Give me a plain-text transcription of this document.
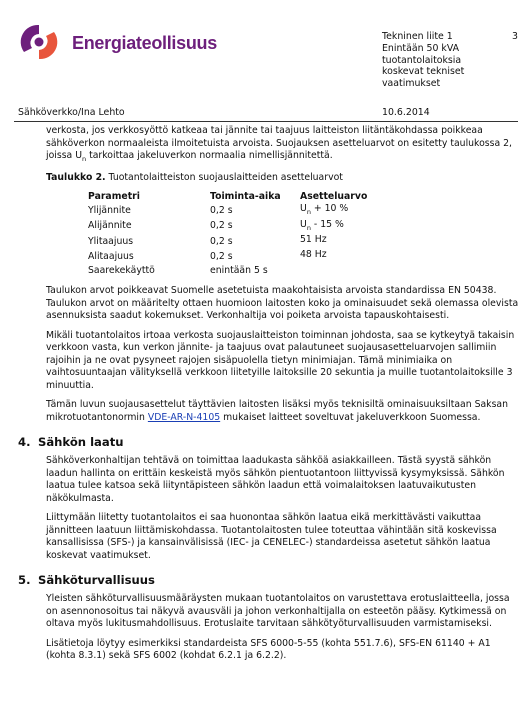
Energiateollisuus	Tekninen liite 1
Enintään 50 kVA
tuotantolaitoksia
koskevat tekniset
vaatimukset
3
Sähköverkko/Ina Lehto	10.6.2014

verkosta, jos verkkosyöttö katkeaa tai jännite tai taajuus laitteiston liitäntäkohdassa poikkeaa sähköverkon normaaleista ilmoitetuista arvoista. Suojauksen asetteluarvot on esitetty taulukossa 2, joissa $U_n$ tarkoittaa jakeluverkon normaalia nimellisjännitettä.

Taulukko 2. Tuotantolaitteiston suojauslaitteiden asetteluarvot

Parametri	Toiminta-aika	Asetteluarvo
Ylijännite	0,2 s	$U_n + 10$ %
Alijännite	0,2 s	$U_n - 15$ %
Ylitaajuus	0,2 s	51 Hz
Alitaajuus	0,2 s	48 Hz
Saarekekäyttö	enintään 5 s	

Taulukon arvot poikkeavat Suomelle asetetuista maakohtaisista arvoista standardissa EN 50438. Taulukon arvot on määritelty ottaen huomioon laitosten koko ja ominaisuudet sekä olemassa olevista asennuksista saadut kokemukset. Verkonhaltija voi poiketa arvoista tapauskohtaisesti.

Mikäli tuotantolaitos irtoaa verkosta suojauslaitteiston toiminnan johdosta, saa se kytkeytyä takaisin verkkoon vasta, kun verkon jännite- ja taajuus ovat palautuneet suojausasetteluarvojen sallimiin rajoihin ja ne ovat pysyneet rajojen sisäpuolella tietyn minimiajan. Tämä minimiaika on vaihtosuuntaajan välityksellä verkkoon liitetyille laitoksille 20 sekuntia ja muille tuotantolaitoksille 3 minuuttia.

Tämän luvun suojausasettelut täyttävien laitosten lisäksi myös teknisiltä ominaisuuksiltaan Saksan mikrotuotantonormin VDE-AR-N-4105 mukaiset laitteet soveltuvat jakeluverkkoon Suomessa.

4. Sähkön laatu

Sähköverkonhaltijan tehtävä on toimittaa laadukasta sähköä asiakkailleen. Tästä syystä sähkön laadun hallinta on erittäin keskeistä myös sähkön pientuotantoon liittyvissä kysymyksissä. Sähkön laatua tulee katsoa sekä liityntäpisteen sähkön laadun että voimalaitoksen laatuvaikutusten näkökulmasta.

Liittymään liitetty tuotantolaitos ei saa huonontaa sähkön laatua eikä merkittävästi vaikuttaa jännitteen laatuun liittämiskohdassa. Tuotantolaitosten tulee toteuttaa vähintään sitä koskevissa kansallisissa (SFS-) ja kansainvälisissä (IEC- ja CENELEC-) standardeissa asetetut sähkön laatua koskevat vaatimukset.

5. Sähköturvallisuus

Yleisten sähköturvallisuusmääräysten mukaan tuotantolaitos on varustettava erotuslaitteella, jossa on asennonosoitus tai näkyvä avausväli ja johon verkonhaltijalla on esteetön pääsy. Kytkimessä on oltava myös lukitusmahdollisuus. Erotuslaite tarvitaan sähkötyöturvallisuuden varmistamiseksi.

Lisätietoja löytyy esimerkiksi standardeista SFS 6000-5-55 (kohta 551.7.6), SFS-EN 61140 + A1 (kohta 8.3.1) sekä SFS 6002 (kohdat 6.2.1 ja 6.2.2).
